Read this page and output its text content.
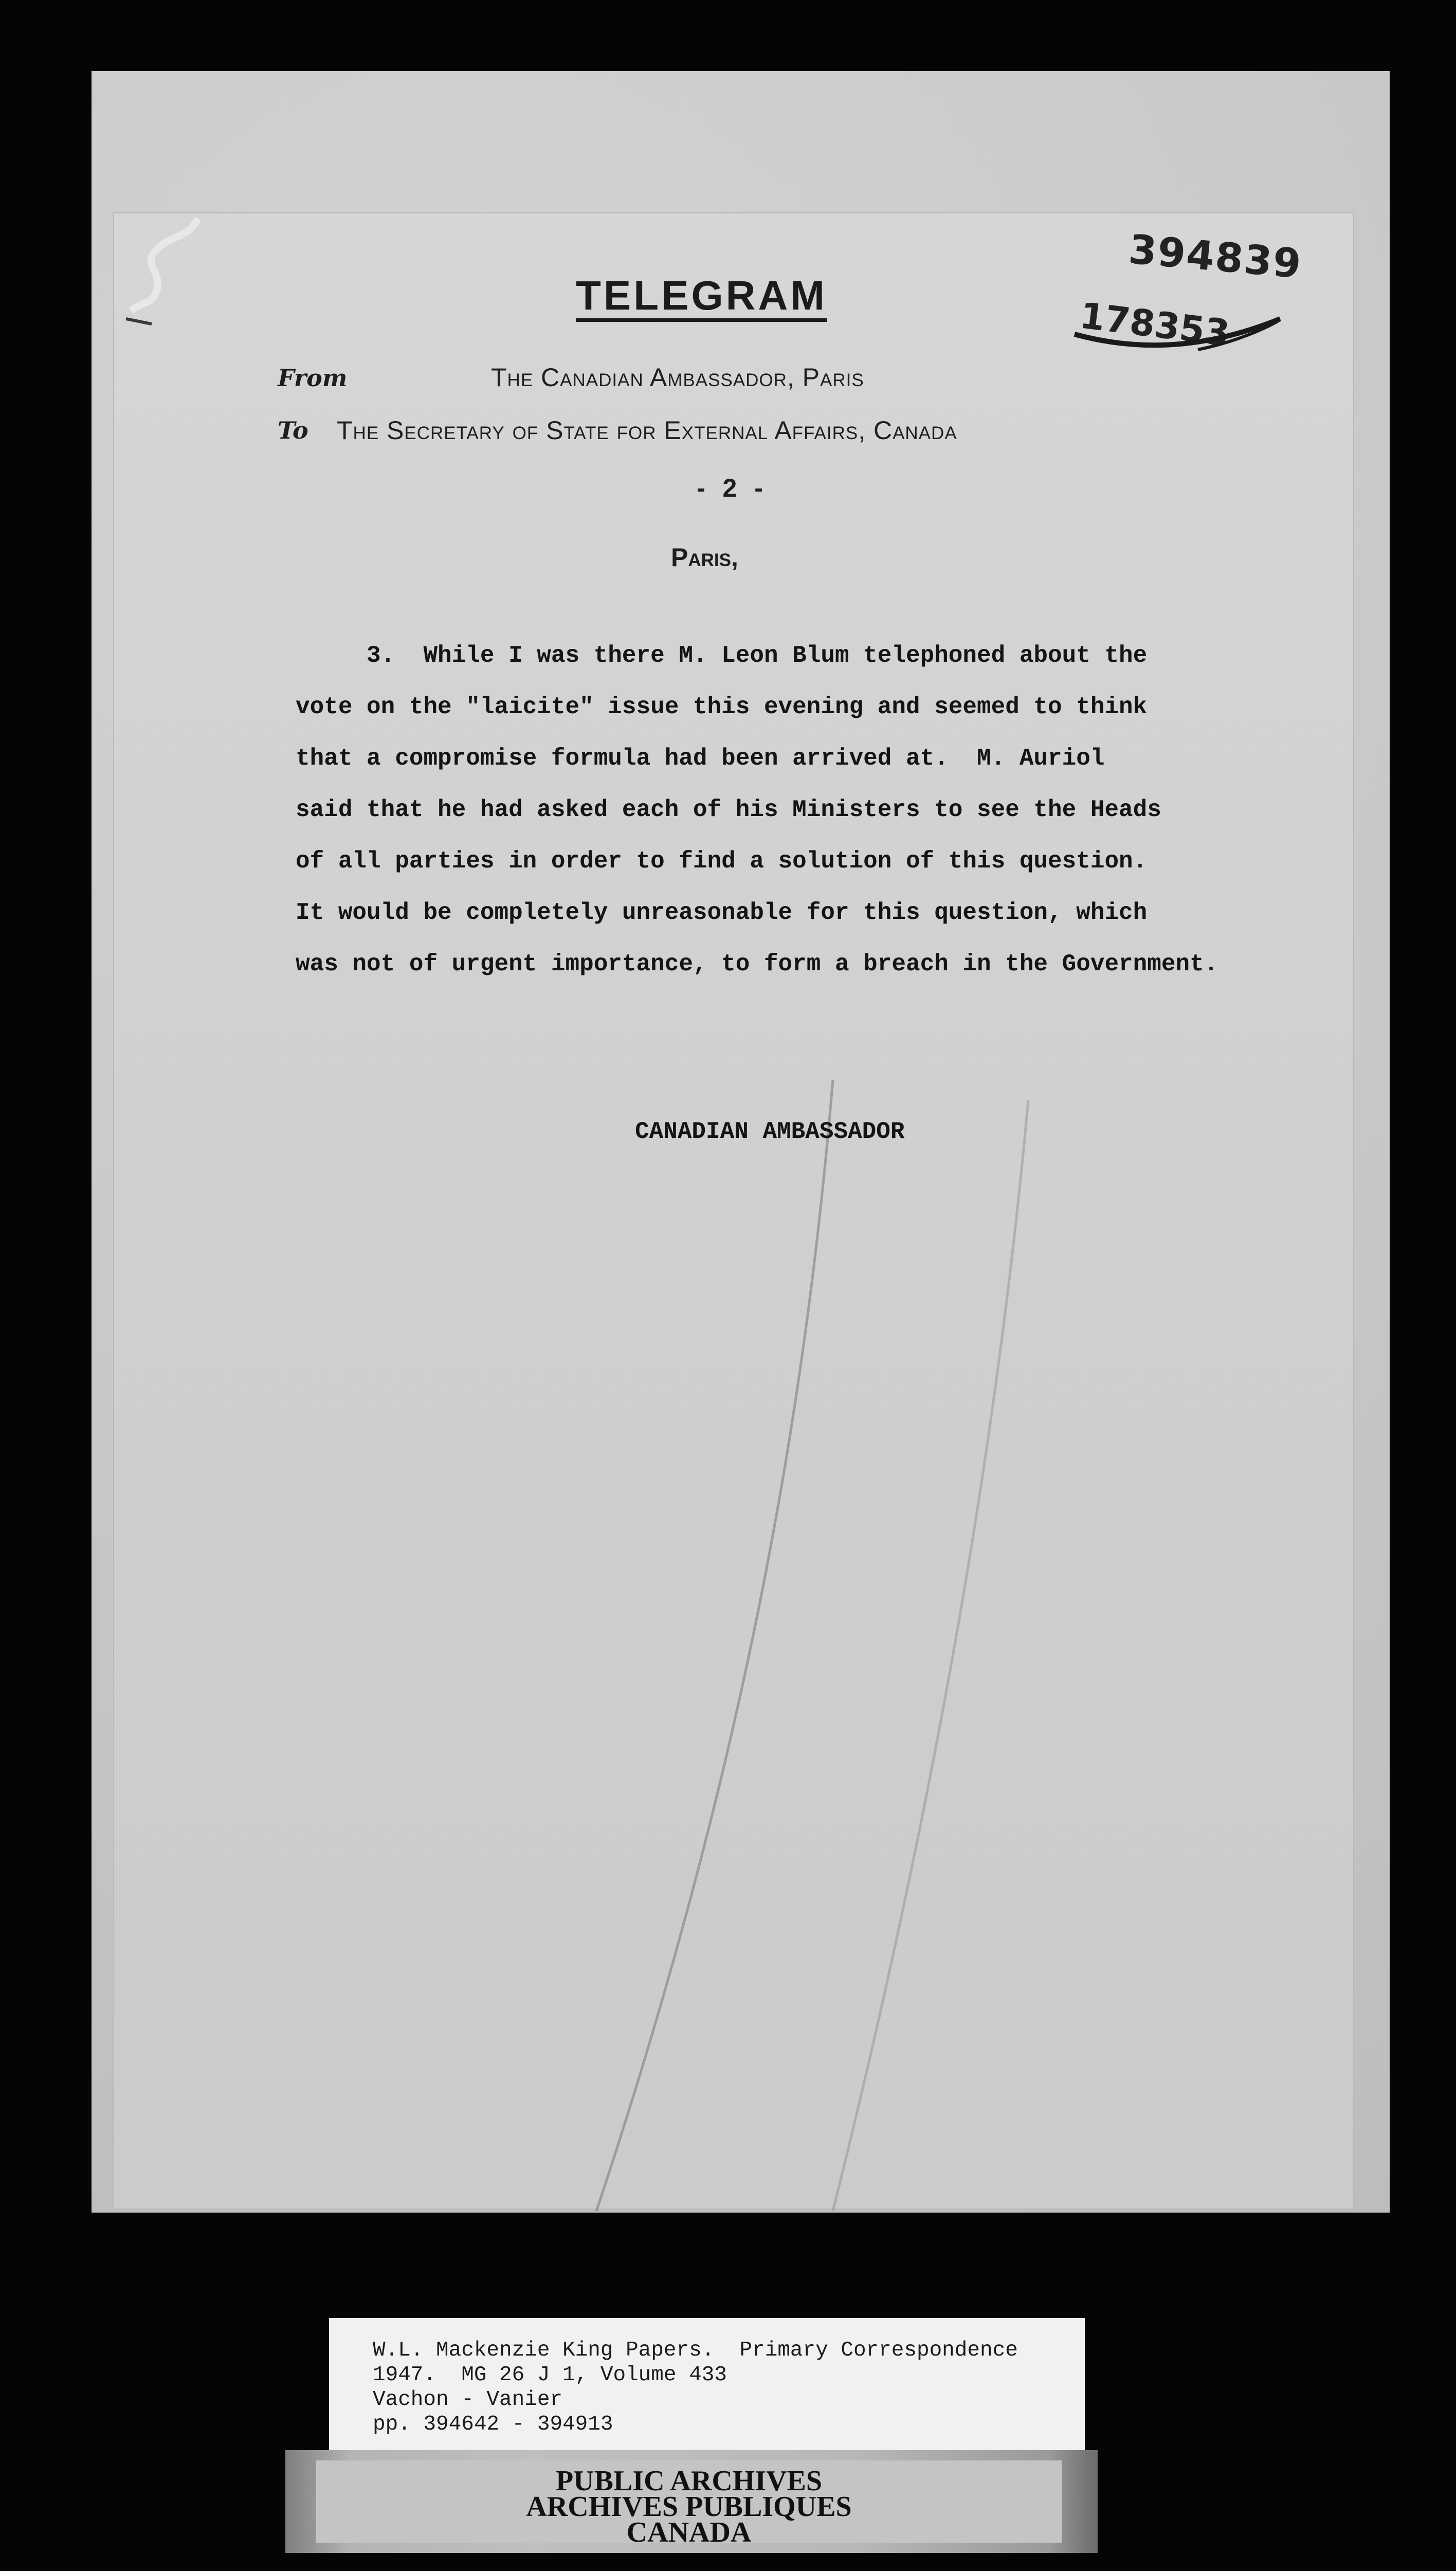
TELEGRAM
394839
178353
From	The Canadian Ambassador, Paris
To The Secretary of State for External Affairs, Canada
- 2 -
Paris,
3.  While I was there M. Leon Blum telephoned about the
vote on the "laicite" issue this evening and seemed to think
that a compromise formula had been arrived at.  M. Auriol
said that he had asked each of his Ministers to see the Heads
of all parties in order to find a solution of this question.
It would be completely unreasonable for this question, which
was not of urgent importance, to form a breach in the Government.
CANADIAN AMBASSADOR
W.L. Mackenzie King Papers.  Primary Correspondence
1947.  MG 26 J 1, Volume 433
Vachon - Vanier
pp. 394642 - 394913
PUBLIC ARCHIVES
ARCHIVES PUBLIQUES
CANADA
